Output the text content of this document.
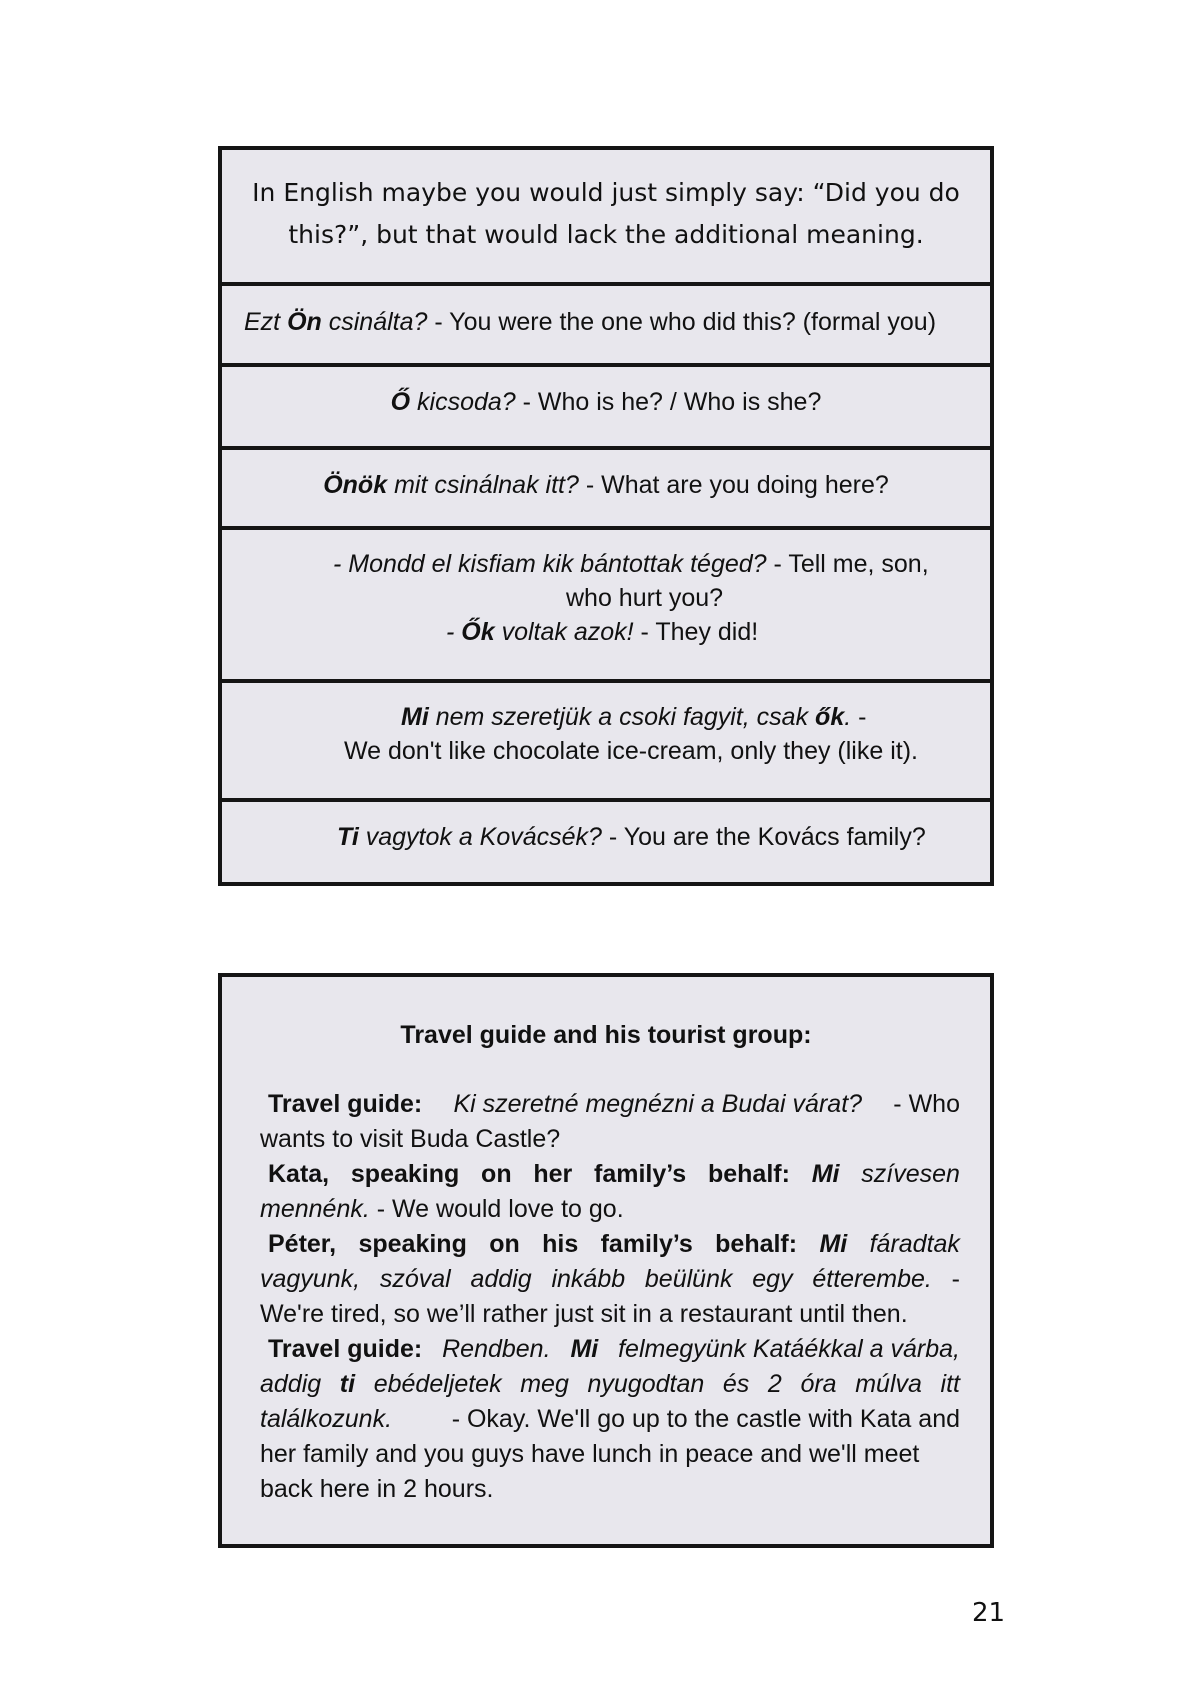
In English maybe you would just simply say: “Did you do
this?”, but that would lack the additional meaning.
Ezt Ön csinálta? - You were the one who did this? (formal you)
Ő kicsoda? - Who is he? / Who is she?
Önök mit csinálnak itt? - What are you doing here?
- Mondd el kisfiam kik bántottak téged? - Tell me, son,
who hurt you?
- Ők voltak azok! - They did!
Mi nem szeretjük a csoki fagyit, csak ők. -
We don't like chocolate ice-cream, only they (like it).
Ti vagytok a Kovácsék? - You are the Kovács family?
Travel guide and his tourist group:
Travel guide: Ki szeretné megnézni a Budai várat? - Who
wants to visit Buda Castle?
Kata, speaking on her family’s behalf: Mi szívesen
mennénk. - We would love to go.
Péter, speaking on his family’s behalf: Mi fáradtak
vagyunk, szóval addig inkább beülünk egy étterembe. -
We're tired, so we’ll rather just sit in a restaurant until then.
Travel guide: Rendben. Mi felmegyünk Katáékkal a várba,
addig ti ebédeljetek meg nyugodtan és 2 óra múlva itt
találkozunk. - Okay. We'll go up to the castle with Kata and
her family and you guys have lunch in peace and we'll meet
back here in 2 hours.
21
